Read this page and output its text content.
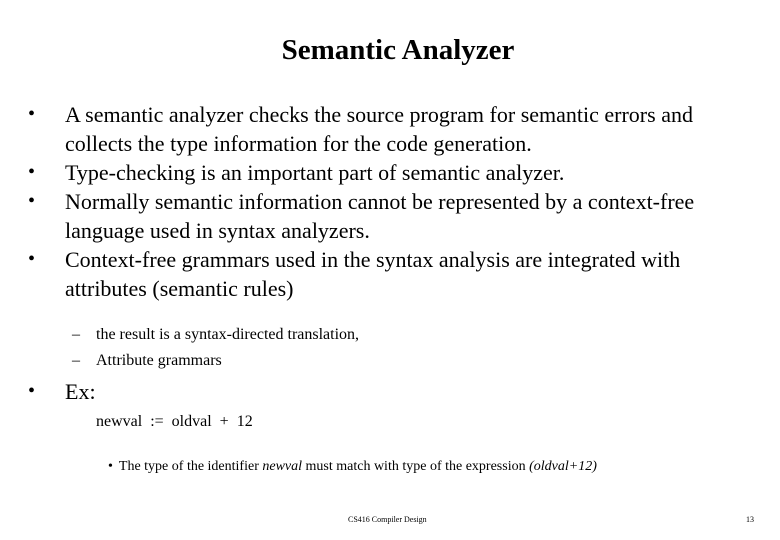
Semantic Analyzer
• A semantic analyzer checks the source program for semantic errors and
collects the type information for the code generation.
• Type-checking is an important part of semantic analyzer.
• Normally semantic information cannot be represented by a context-free
language used in syntax analyzers.
• Context-free grammars used in the syntax analysis are integrated with
attributes (semantic rules)
– the result is a syntax-directed translation,
– Attribute grammars
• Ex:
newval  :=  oldval  +  12
• The type of the identifier newval must match with type of the expression (oldval+12)
CS416 Compiler Design	13
